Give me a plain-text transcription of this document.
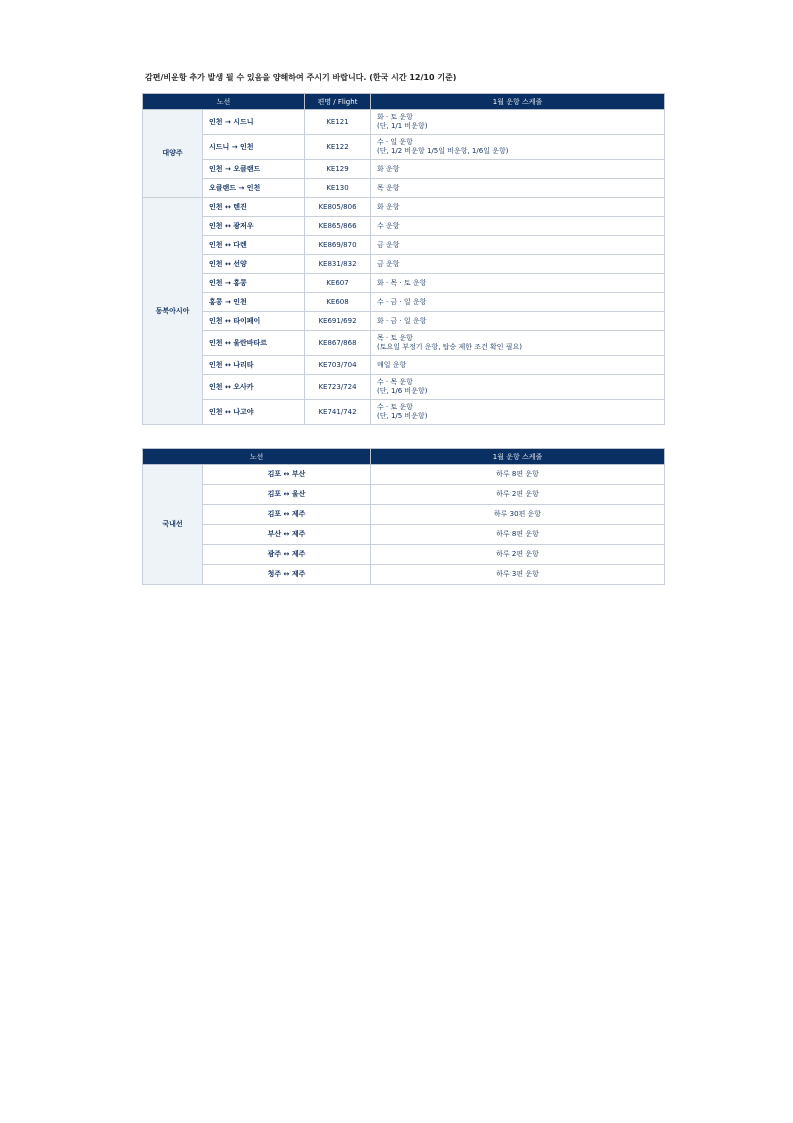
감편/비운항 추가 발생 될 수 있음을 양해하여 주시기 바랍니다. (한국 시간 12/10 기준)
노선		편명 / Flight	1월 운항 스케줄
대양주	인천 → 시드니	KE121	화 · 토 운항
(단, 1/1 비운항)
	시드니 → 인천	KE122	수 · 일 운항
(단, 1/2 비운항 1/5일 비운항, 1/6일 운항)
	인천 → 오클랜드	KE129	화 운항
	오클랜드 → 인천	KE130	목 운항
동북아시아	인천 ↔ 텐진	KE805/806	화 운항
	인천 ↔ 광저우	KE865/866	수 운항
	인천 ↔ 다렌	KE869/870	금 운항
	인천 ↔ 선양	KE831/832	금 운항
	인천 → 홍콩	KE607	화 · 목 · 토 운항
	홍콩 → 인천	KE608	수 · 금 · 일 운항
	인천 ↔ 타이페이	KE691/692	화 · 금 · 일 운항
	인천 ↔ 울란바타르	KE867/868	목 · 토 운항
(토요일 부정기 운항, 탑승 제한 조건 확인 필요)
	인천 ↔ 나리타	KE703/704	매일 운항
	인천 ↔ 오사카	KE723/724	수 · 목 운항
(단, 1/6 비운항)
	인천 ↔ 나고야	KE741/742	수 · 토 운항
(단, 1/5 비운항)
노선		1월 운항 스케줄
국내선	김포 ↔ 부산	하루 8편 운항
	김포 ↔ 울산	하루 2편 운항
	김포 ↔ 제주	하루 30편 운항
	부산 ↔ 제주	하루 8편 운항
	광주 ↔ 제주	하루 2편 운항
	청주 ↔ 제주	하루 3편 운항
